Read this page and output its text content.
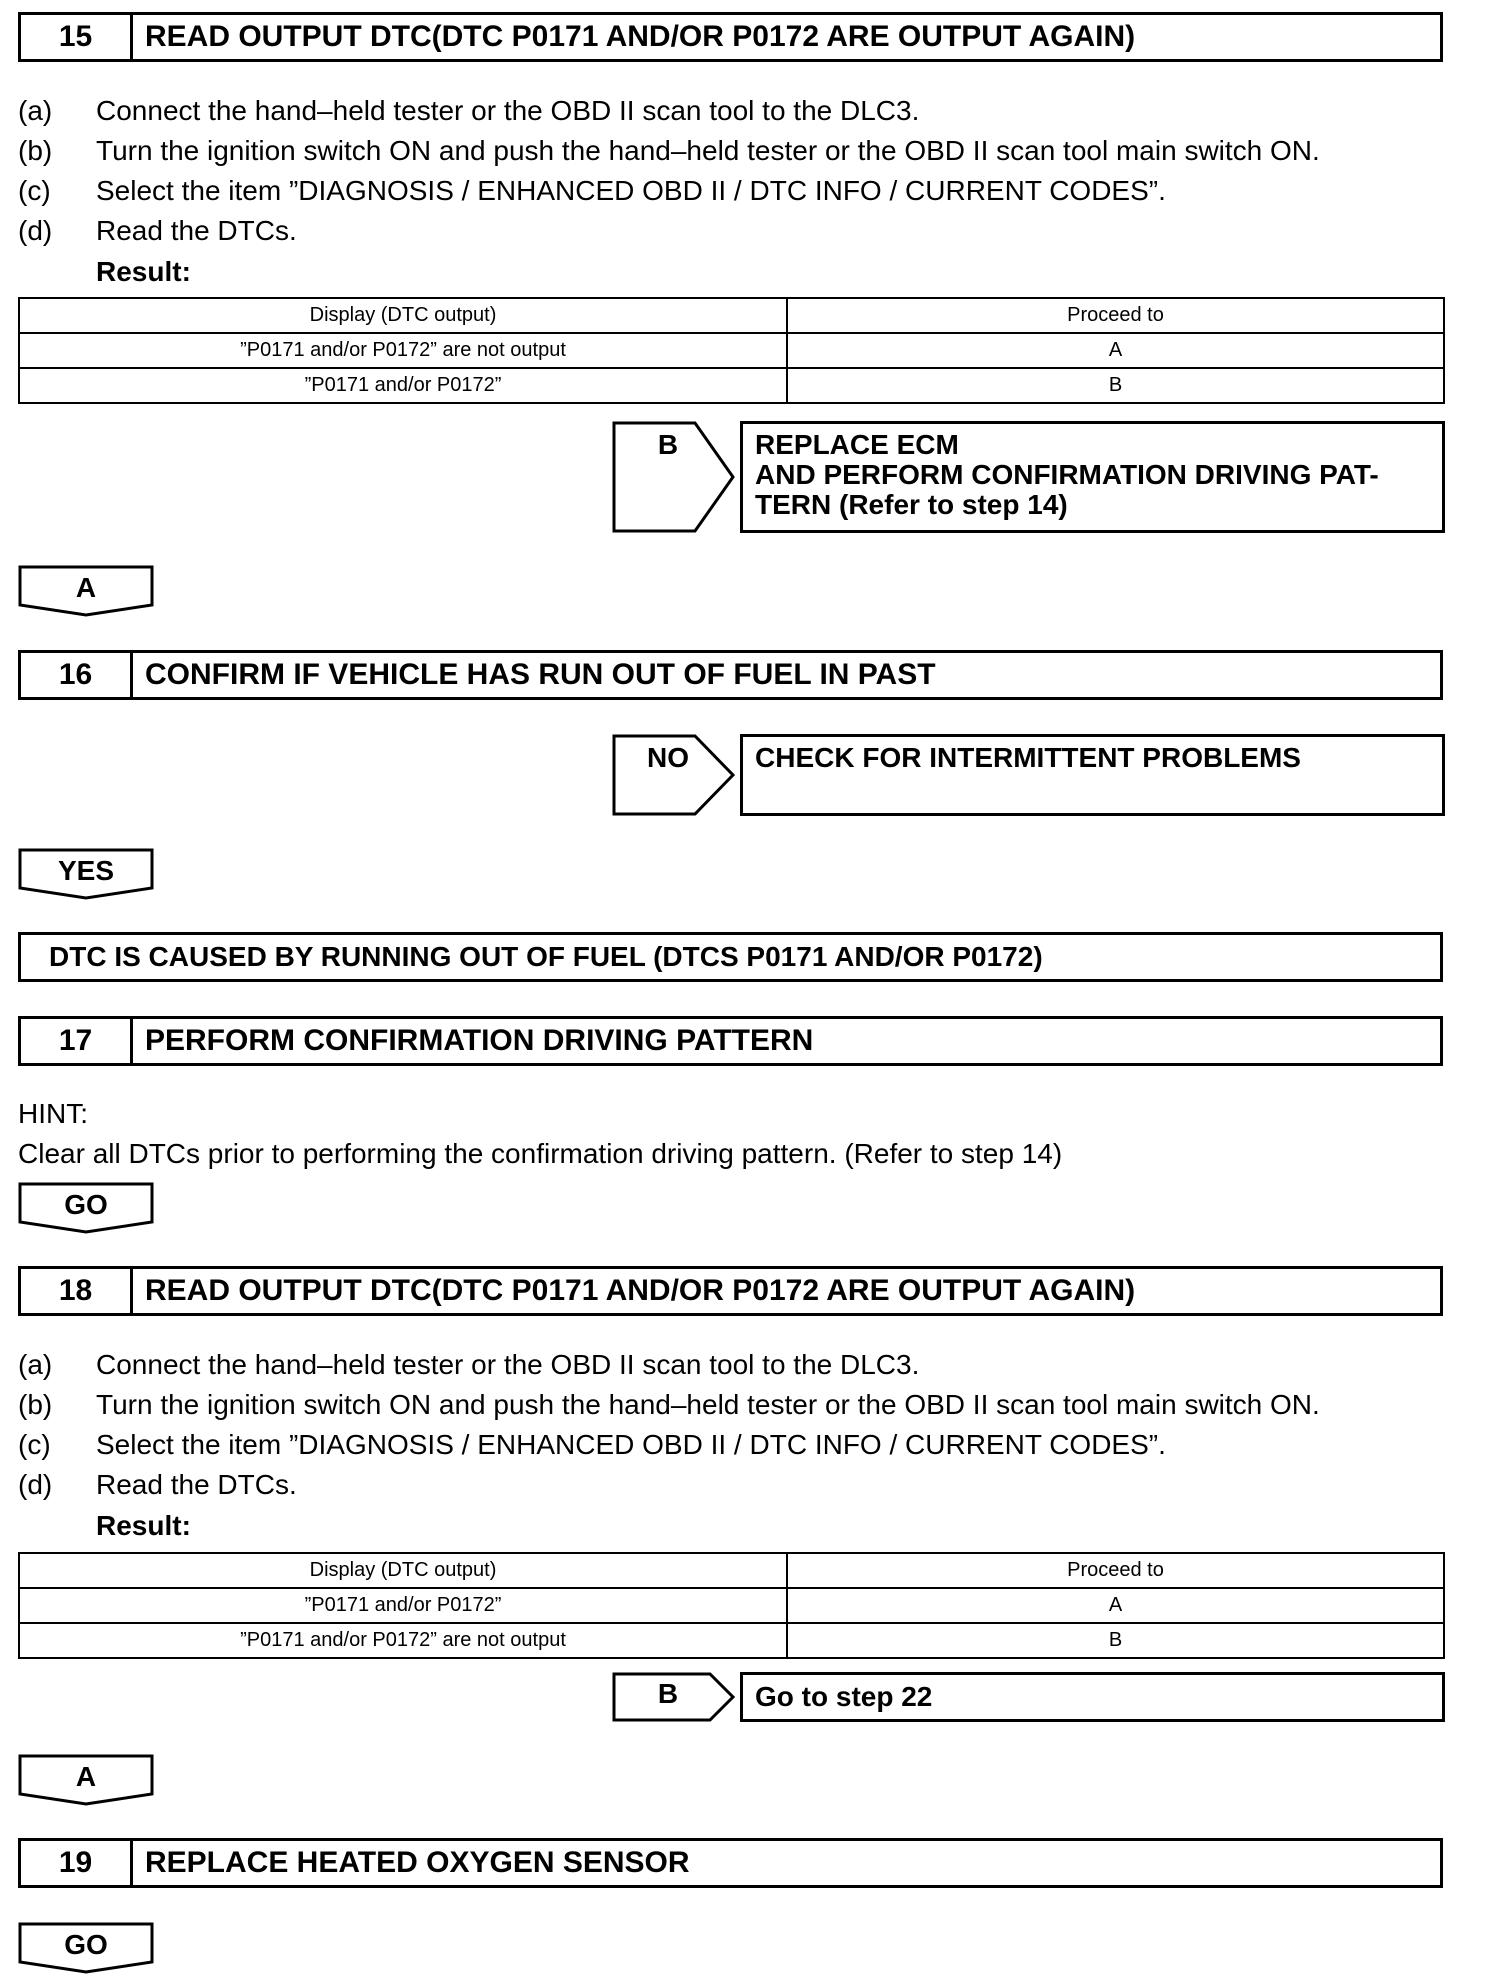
15	READ OUTPUT DTC(DTC P0171 AND/OR P0172 ARE OUTPUT AGAIN)
(a) Connect the hand–held tester or the OBD II scan tool to the DLC3.
(b) Turn the ignition switch ON and push the hand–held tester or the OBD II scan tool main switch ON.
(c) Select the item ”DIAGNOSIS / ENHANCED OBD II / DTC INFO / CURRENT CODES”.
(d) Read the DTCs.
Result:
Display (DTC output)	Proceed to
”P0171 and/or P0172” are not output	A
”P0171 and/or P0172”	B
B	REPLACE ECM
AND PERFORM CONFIRMATION DRIVING PAT-
TERN (Refer to step 14)
A
16	CONFIRM IF VEHICLE HAS RUN OUT OF FUEL IN PAST
NO	CHECK FOR INTERMITTENT PROBLEMS
YES
DTC IS CAUSED BY RUNNING OUT OF FUEL (DTCS P0171 AND/OR P0172)
17	PERFORM CONFIRMATION DRIVING PATTERN
HINT:
Clear all DTCs prior to performing the confirmation driving pattern. (Refer to step 14)
GO
18	READ OUTPUT DTC(DTC P0171 AND/OR P0172 ARE OUTPUT AGAIN)
(a) Connect the hand–held tester or the OBD II scan tool to the DLC3.
(b) Turn the ignition switch ON and push the hand–held tester or the OBD II scan tool main switch ON.
(c) Select the item ”DIAGNOSIS / ENHANCED OBD II / DTC INFO / CURRENT CODES”.
(d) Read the DTCs.
Result:
Display (DTC output)	Proceed to
”P0171 and/or P0172”	A
”P0171 and/or P0172” are not output	B
B	Go to step 22
A
19	REPLACE HEATED OXYGEN SENSOR
GO
